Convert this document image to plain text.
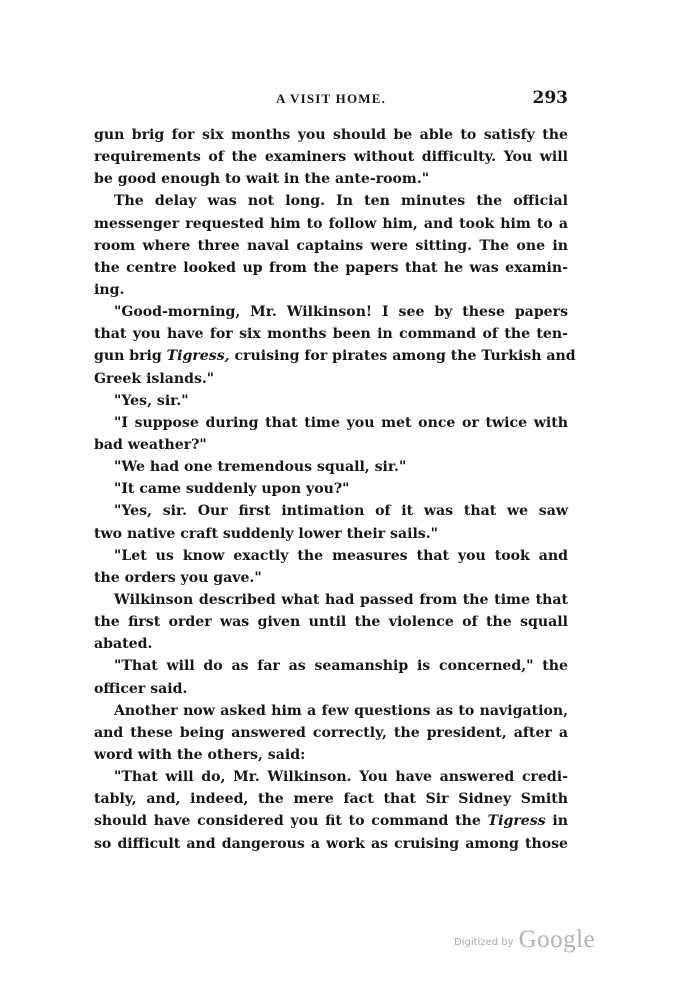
A VISIT HOME.	293
gun brig for six months you should be able to satisfy the
requirements of the examiners without difficulty. You will
be good enough to wait in the ante-room."
The delay was not long. In ten minutes the official
messenger requested him to follow him, and took him to a
room where three naval captains were sitting. The one in
the centre looked up from the papers that he was examin-
ing.
"Good-morning, Mr. Wilkinson! I see by these papers
that you have for six months been in command of the ten-
gun brig Tigress, cruising for pirates among the Turkish and
Greek islands."
"Yes, sir."
"I suppose during that time you met once or twice with
bad weather?"
"We had one tremendous squall, sir."
"It came suddenly upon you?"
"Yes, sir. Our first intimation of it was that we saw
two native craft suddenly lower their sails."
"Let us know exactly the measures that you took and
the orders you gave."
Wilkinson described what had passed from the time that
the first order was given until the violence of the squall
abated.
"That will do as far as seamanship is concerned," the
officer said.
Another now asked him a few questions as to navigation,
and these being answered correctly, the president, after a
word with the others, said:
"That will do, Mr. Wilkinson. You have answered credi-
tably, and, indeed, the mere fact that Sir Sidney Smith
should have considered you fit to command the Tigress in
so difficult and dangerous a work as cruising among those
Digitized by Google
